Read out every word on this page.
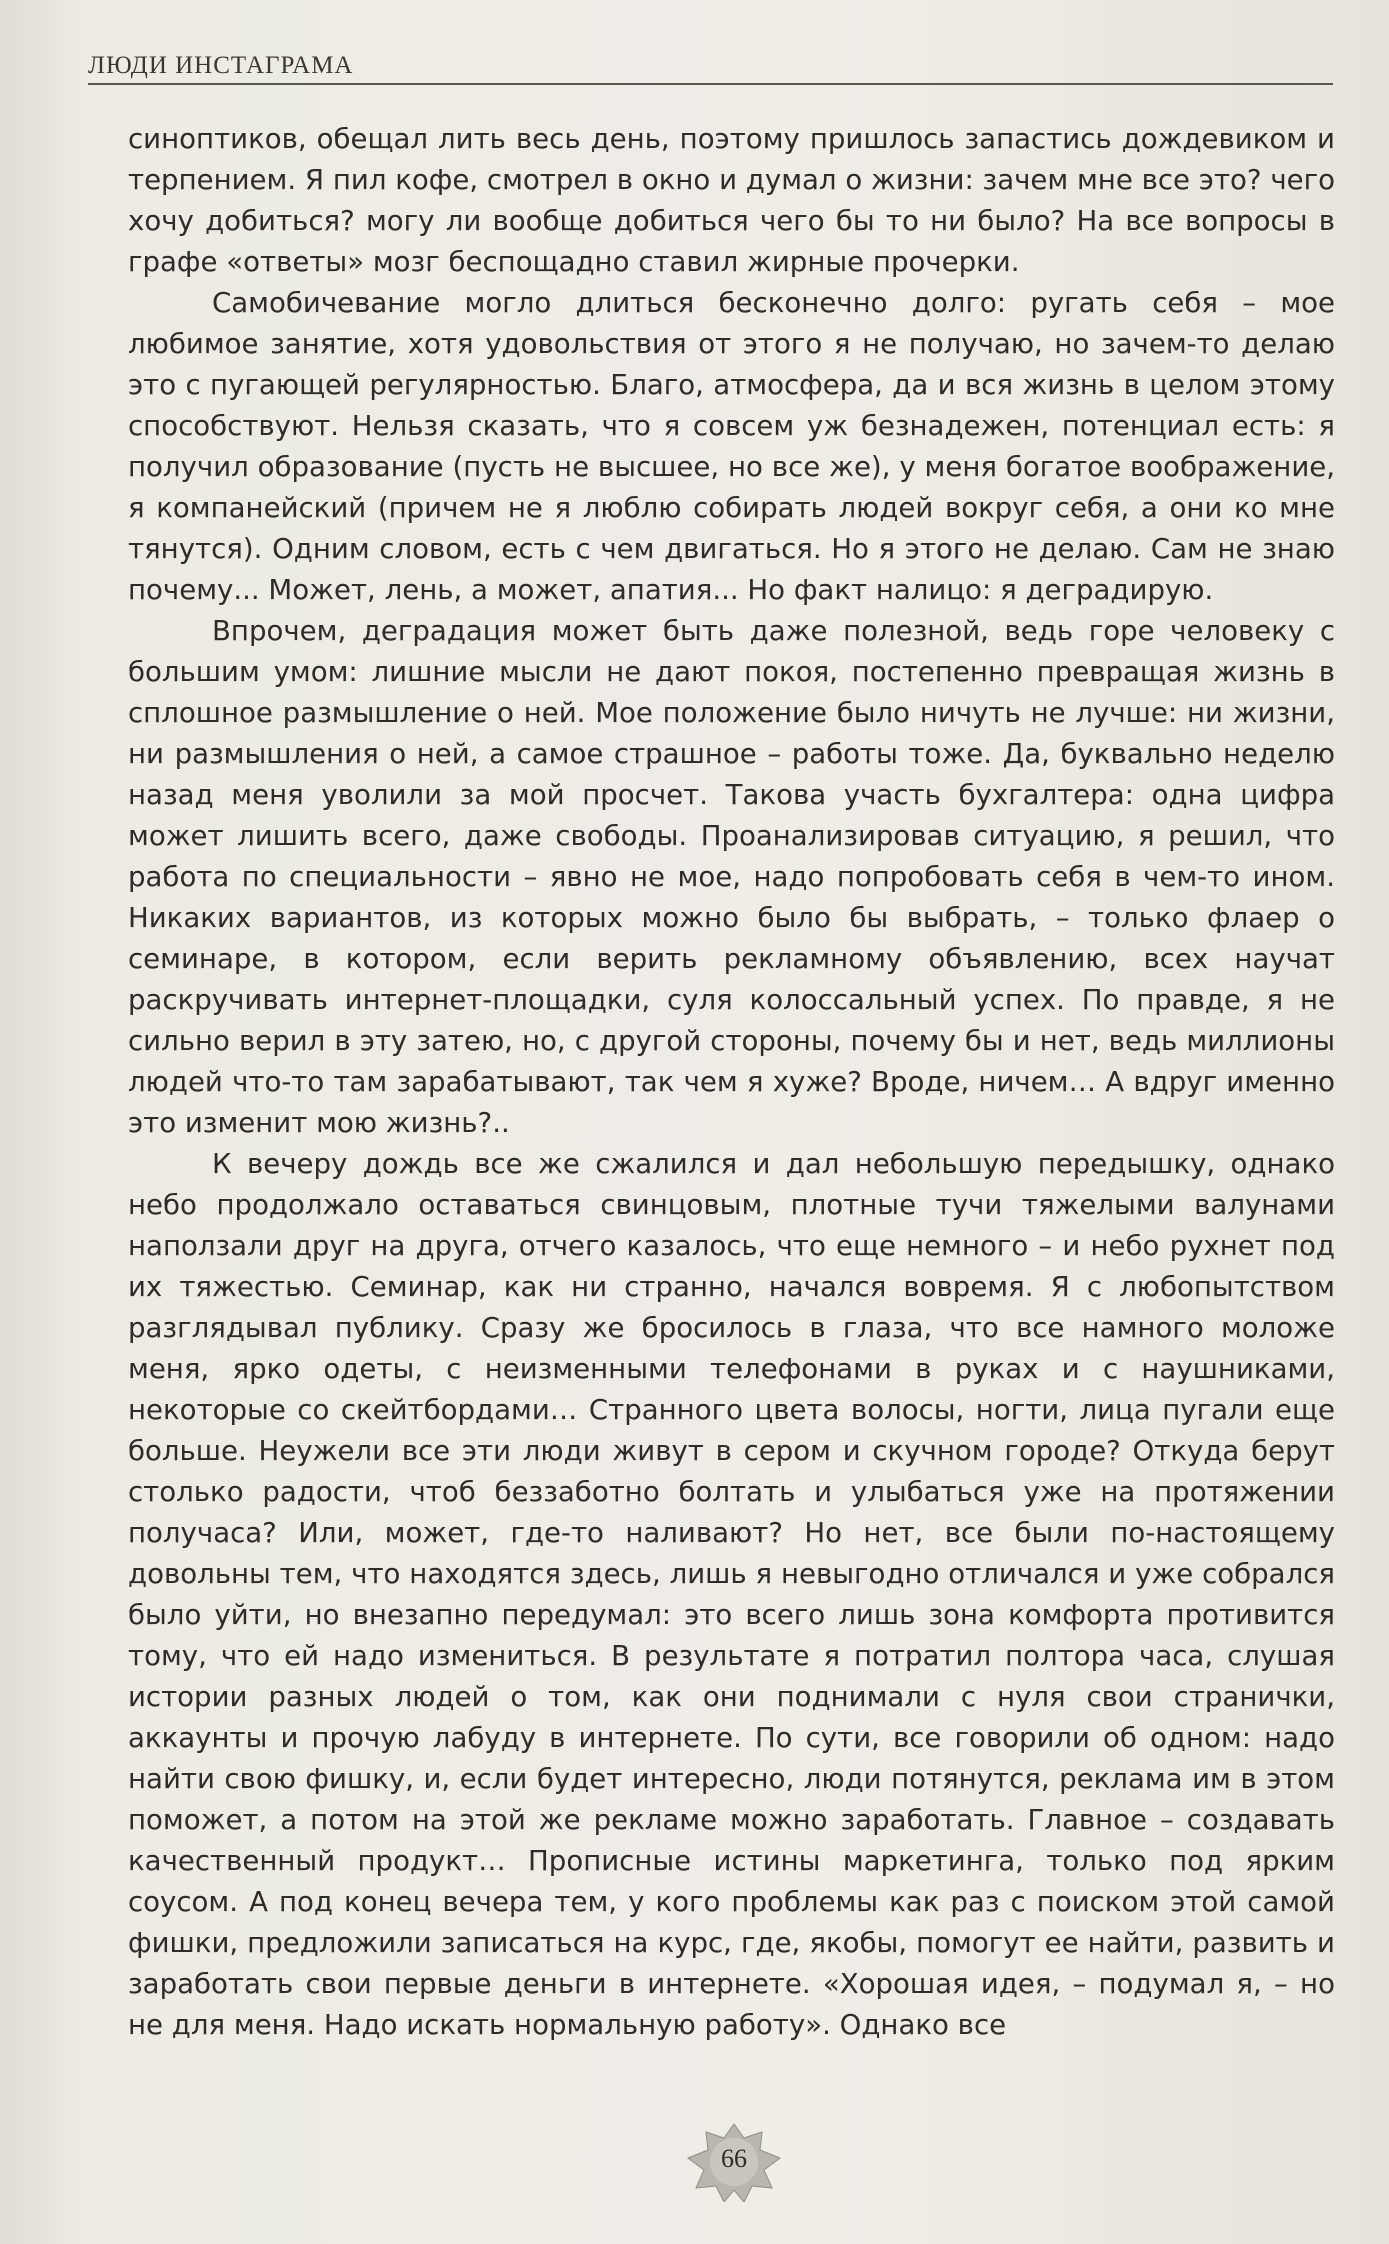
ЛЮДИ ИНСТАГРАМА

синоптиков, обещал лить весь день, поэтому пришлось запастись дождевиком и терпением. Я пил кофе, смотрел в окно и думал о жизни: зачем мне все это? чего хочу добиться? могу ли вообще добиться чего бы то ни было? На все вопросы в графе «ответы» мозг беспощадно ставил жирные прочерки.

Самобичевание могло длиться бесконечно долго: ругать себя – мое любимое занятие, хотя удовольствия от этого я не получаю, но зачем-то делаю это с пугающей регулярностью. Благо, атмосфера, да и вся жизнь в целом этому способствуют. Нельзя сказать, что я совсем уж безнадежен, потенциал есть: я получил образование (пусть не высшее, но все же), у меня богатое воображение, я компанейский (причем не я люблю собирать людей вокруг себя, а они ко мне тянутся). Одним словом, есть с чем двигаться. Но я этого не делаю. Сам не знаю почему... Может, лень, а может, апатия... Но факт налицо: я деградирую.

Впрочем, деградация может быть даже полезной, ведь горе человеку с большим умом: лишние мысли не дают покоя, постепенно превращая жизнь в сплошное размышление о ней. Мое положение было ничуть не лучше: ни жизни, ни размышления о ней, а самое страшное – работы тоже. Да, буквально неделю назад меня уволили за мой просчет. Такова участь бухгалтера: одна цифра может лишить всего, даже свободы. Проанализировав ситуацию, я решил, что работа по специальности – явно не мое, надо попробовать себя в чем-то ином. Никаких вариантов, из которых можно было бы выбрать, – только флаер о семинаре, в котором, если верить рекламному объявлению, всех научат раскручивать интернет-площадки, суля колоссальный успех. По правде, я не сильно верил в эту затею, но, с другой стороны, почему бы и нет, ведь миллионы людей что-то там зарабатывают, так чем я хуже? Вроде, ничем… А вдруг именно это изменит мою жизнь?..

К вечеру дождь все же сжалился и дал небольшую передышку, однако небо продолжало оставаться свинцовым, плотные тучи тяжелыми валунами наползали друг на друга, отчего казалось, что еще немного – и небо рухнет под их тяжестью. Семинар, как ни странно, начался вовремя. Я с любопытством разглядывал публику. Сразу же бросилось в глаза, что все намного моложе меня, ярко одеты, с неизменными телефонами в руках и с наушниками, некоторые со скейтбордами… Странного цвета волосы, ногти, лица пугали еще больше. Неужели все эти люди живут в сером и скучном городе? Откуда берут столько радости, чтоб беззаботно болтать и улыбаться уже на протяжении получаса? Или, может, где-то наливают? Но нет, все были по-настоящему довольны тем, что находятся здесь, лишь я невыгодно отличался и уже собрался было уйти, но внезапно передумал: это всего лишь зона комфорта противится тому, что ей надо измениться. В результате я потратил полтора часа, слушая истории разных людей о том, как они поднимали с нуля свои странички, аккаунты и прочую лабуду в интернете. По сути, все говорили об одном: надо найти свою фишку, и, если будет интересно, люди потянутся, реклама им в этом поможет, а потом на этой же рекламе можно заработать. Главное – создавать качественный продукт… Прописные истины маркетинга, только под ярким соусом. А под конец вечера тем, у кого проблемы как раз с поиском этой самой фишки, предложили записаться на курс, где, якобы, помогут ее найти, развить и заработать свои первые деньги в интернете. «Хорошая идея, – подумал я, – но не для меня. Надо искать нормальную работу». Однако все

66
